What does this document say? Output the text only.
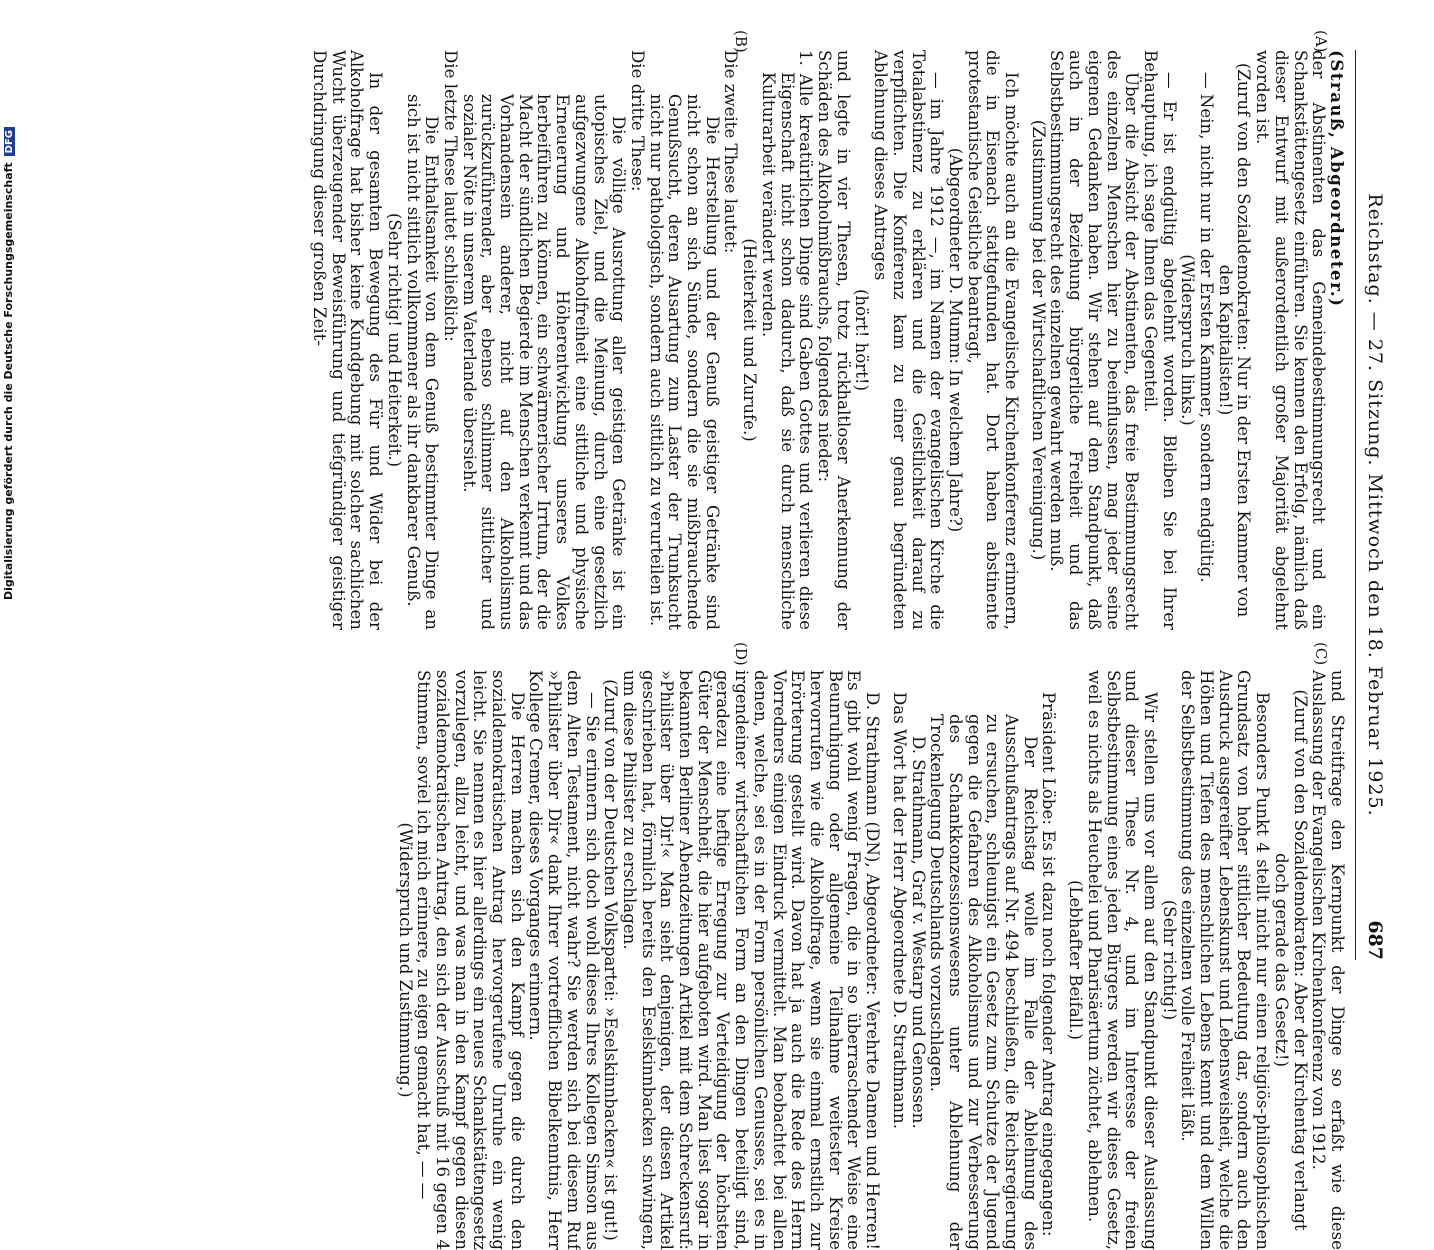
Reichstag. — 27. Sitzung. Mittwoch den 18. Februar 1925.
687
(A)
(B)
(C)
(D)

(Strauß, Abgeordneter.)

der Abstinenten das Gemeindebestimmungsrecht und ein Schankstättengesetz einführen. Sie kennen den Erfolg, nämlich daß dieser Entwurf mit außerordentlich großer Majorität abgelehnt worden ist.

(Zuruf von den Sozialdemokraten: Nur in der Ersten Kammer von den Kapitalisten!)

— Nein, nicht nur in der Ersten Kammer, sondern endgültig.

(Widerspruch links.)

— Er ist endgültig abgelehnt worden. Bleiben Sie bei Ihrer Behauptung, ich sage Ihnen das Gegenteil.

Über die Absicht der Abstinenten, das freie Bestimmungsrecht des einzelnen Menschen hier zu beeinflussen, mag jeder seine eigenen Gedanken haben. Wir stehen auf dem Standpunkt, daß auch in der Beziehung bürgerliche Freiheit und das Selbstbestimmungsrecht des einzelnen gewahrt werden muß.

(Zustimmung bei der Wirtschaftlichen Vereinigung.)

Ich möchte auch an die Evangelische Kirchenkonferenz erinnern, die in Eisenach stattgefunden hat. Dort haben abstinente protestantische Geistliche beantragt,

(Abgeordneter D. Mumm: In welchem Jahre?)

— im Jahre 1912 —, im Namen der evangelischen Kirche die Totalabstinenz zu erklären und die Geistlichkeit darauf zu verpflichten. Die Konferenz kam zu einer genau begründeten Ablehnung dieses Antrages

(hört! hört!)

und legte in vier Thesen, trotz rückhaltloser Anerkennung der Schäden des Alkoholmißbrauchs, folgendes nieder:

1. Alle kreatürlichen Dinge sind Gaben Gottes und verlieren diese Eigenschaft nicht schon dadurch, daß sie durch menschliche Kulturarbeit verändert werden.

(Heiterkeit und Zurufe.)

Die zweite These lautet:

Die Herstellung und der Genuß geistiger Getränke sind nicht schon an sich Sünde, sondern die sie mißbrauchende Genußsucht, deren Ausartung zum Laster der Trunksucht nicht nur pathologisch, sondern auch sittlich zu verurteilen ist.

Die dritte These:

Die völlige Ausrottung aller geistigen Getränke ist ein utopisches Ziel, und die Meinung, durch eine gesetzlich aufgezwungene Alkoholfreiheit eine sittliche und physische Erneuerung und Höherentwicklung unseres Volkes herbeiführen zu können, ein schwärmerischer Irrtum, der die Macht der sündlichen Begierde im Menschen verkennt und das Vorhandensein anderer, nicht auf den Alkoholismus zurückzuführender, aber ebenso schlimmer sittlicher und sozialer Nöte in unserem Vaterlande übersieht.

Die letzte These lautet schließlich:

Die Enthaltsamkeit von dem Genuß bestimmter Dinge an sich ist nicht sittlich vollkommener als ihr dankbarer Genuß.

(Sehr richtig! und Heiterkeit.)

In der gesamten Bewegung des Für und Wider bei der Alkoholfrage hat bisher keine Kundgebung mit solcher sachlichen Wucht überzeugender Beweisführung und tiefgründiger geistiger Durchdringung dieser großen Zeit-

und Streitfrage den Kernpunkt der Dinge so erfaßt wie diese Auslassung der Evangelischen Kirchenkonferenz von 1912.

(Zuruf von den Sozialdemokraten: Aber der Kirchentag verlangt doch gerade das Gesetz!)

Besonders Punkt 4 stellt nicht nur einen religiös-philosophischen Grundsatz von hoher sittlicher Bedeutung dar, sondern auch den Ausdruck ausgereifter Lebenskunst und Lebensweisheit, welche die Höhen und Tiefen des menschlichen Lebens kennt und dem Willen der Selbstbestimmung des einzelnen volle Freiheit läßt.

(Sehr richtig!)

Wir stellen uns vor allem auf den Standpunkt dieser Auslassung und dieser These Nr. 4, und im Interesse der freien Selbstbestimmung eines jeden Bürgers werden wir dieses Gesetz, weil es nichts als Heuchelei und Pharisäertum züchtet, ablehnen.

(Lebhafter Beifall.)

Präsident Löbe: Es ist dazu noch folgender Antrag eingegangen:

Der Reichstag wolle im Falle der Ablehnung des Ausschußantrags auf Nr. 494 beschließen, die Reichsregierung zu ersuchen, schleunigst ein Gesetz zum Schutze der Jugend gegen die Gefahren des Alkoholismus und zur Verbesserung des Schankkonzessionswesens unter Ablehnung der Trockenlegung Deutschlands vorzuschlagen.

D. Strathmann, Graf v. Westarp und Genossen.

Das Wort hat der Herr Abgeordnete D. Strathmann.

D. Strathmann (DN), Abgeordneter: Verehrte Damen und Herren! Es gibt wohl wenig Fragen, die in so überraschender Weise eine Beunruhigung oder allgemeine Teilnahme weitester Kreise hervorrufen wie die Alkoholfrage, wenn sie einmal ernstlich zur Erörterung gestellt wird. Davon hat ja auch die Rede des Herrn Vorredners einigen Eindruck vermittelt. Man beobachtet bei allen denen, welche, sei es in der Form persönlichen Genusses, sei es in irgendeiner wirtschaftlichen Form an den Dingen beteiligt sind, geradezu eine heftige Erregung zur Verteidigung der höchsten Güter der Menschheit, die hier aufgeboten wird. Man liest sogar in bekannten Berliner Abendzeitungen Artikel mit dem Schreckensruf: »Philister über Dir!« Man sieht denjenigen, der diesen Artikel geschrieben hat, förmlich bereits den Eselskinnbacken schwingen, um diese Philister zu erschlagen.

(Zuruf von der Deutschen Volkspartei: »Eselskinnbacken« ist gut!)

— Sie erinnern sich doch wohl dieses Ihres Kollegen Simson aus dem Alten Testament, nicht wahr? Sie werden sich bei diesem Ruf »Philister über Dir« dank Ihrer vortrefflichen Bibelkenntnis, Herr Kollege Cremer, dieses Vorganges erinnern.

Die Herren machen sich den Kampf gegen die durch den sozialdemokratischen Antrag hervorgerufene Unruhe ein wenig leicht. Sie nennen es hier allerdings ein neues Schankstättengesetz vorzulegen, allzu leicht, und was man in den Kampf gegen diesen sozialdemokratischen Antrag, den sich der Ausschuß mit 16 gegen 4 Stimmen, soviel ich mich erinnere, zu eigen gemacht hat, — —

(Widerspruch und Zustimmung.)

Digitalisierung gefördert durch die Deutsche ForschungsgemeinschaftDFG
